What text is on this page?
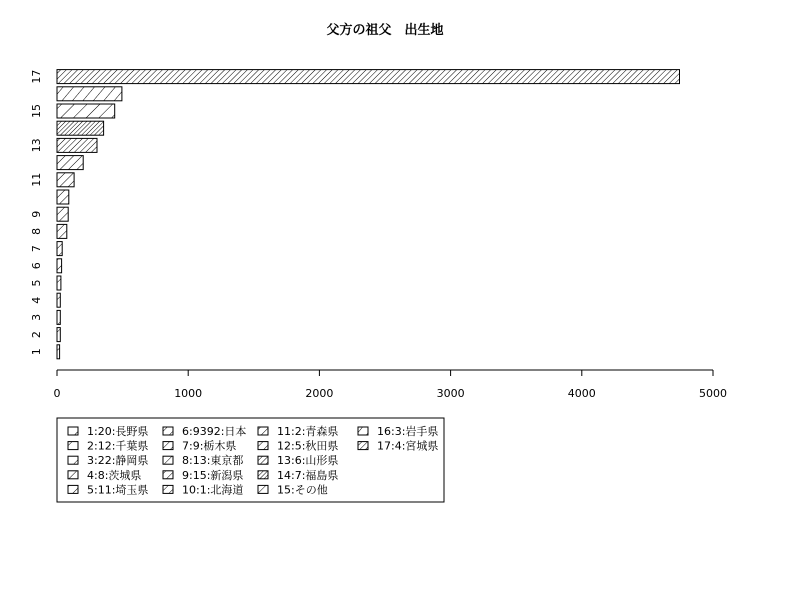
父方の祖父　出生地
0	1000	2000	3000	4000	5000
1
2
3
4
5
6
7
8
9
11
13
15
17
1:20:長野県
2:12:千葉県
3:22:静岡県
4:8:茨城県
5:11:埼玉県
6:9392:日本
7:9:栃木県
8:13:東京都
9:15:新潟県
10:1:北海道
11:2:青森県
12:5:秋田県
13:6:山形県
14:7:福島県
15:その他
16:3:岩手県
17:4:宮城県
